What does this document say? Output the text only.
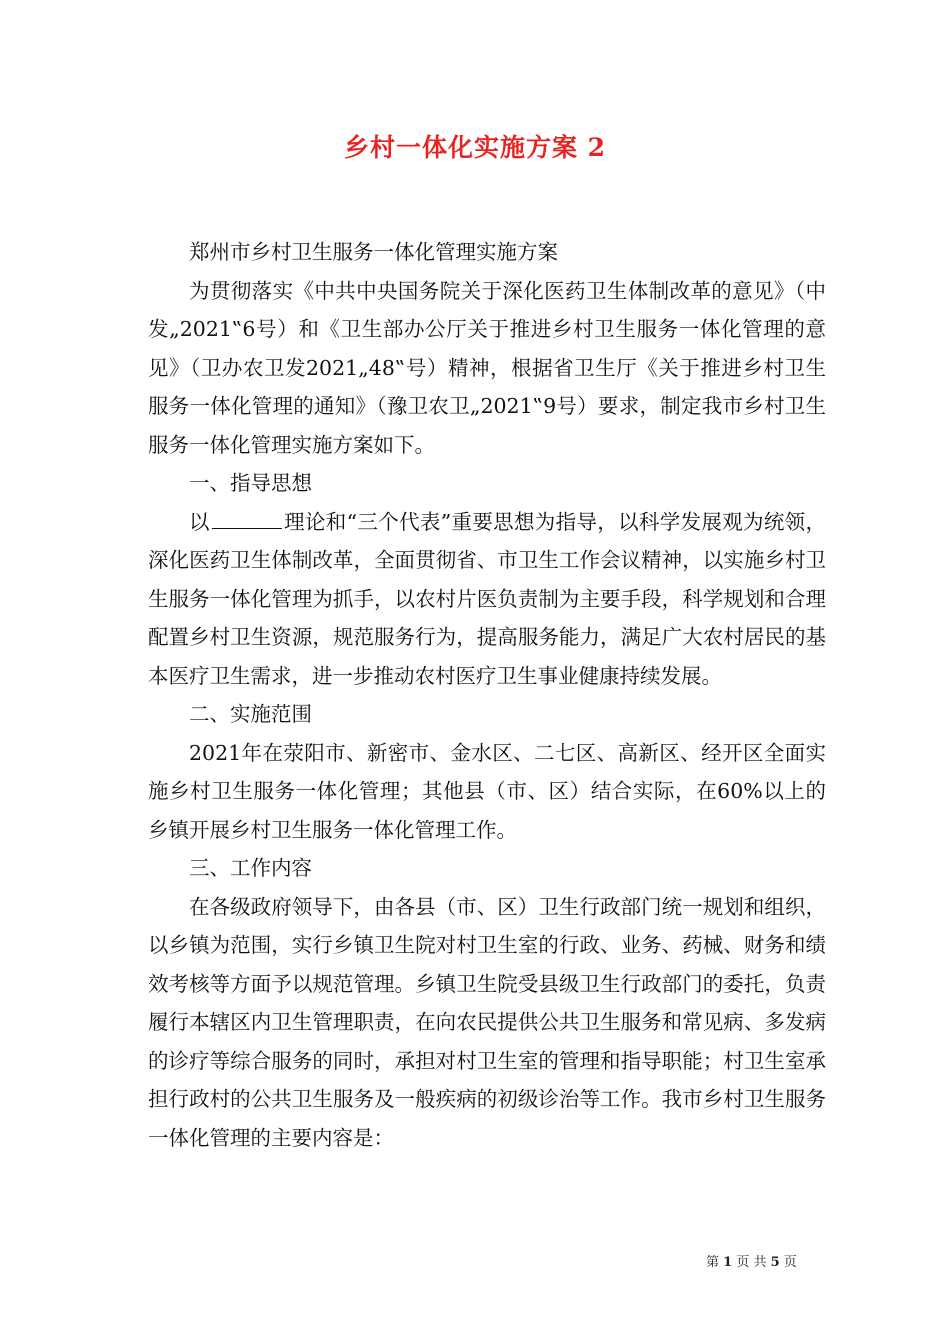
乡村一体化实施方案 2

郑州市乡村卫生服务一体化管理实施方案

为贯彻落实《中共中央国务院关于深化医药卫生体制改革的意见》（中发„2021‟6号）和《卫生部办公厅关于推进乡村卫生服务一体化管理的意见》（卫办农卫发2021„48‟号）精神，根据省卫生厅《关于推进乡村卫生服务一体化管理的通知》（豫卫农卫„2021‟9号）要求，制定我市乡村卫生服务一体化管理实施方案如下。

一、指导思想

以	理论和“三个代表”重要思想为指导，以科学发展观为统领，深化医药卫生体制改革，全面贯彻省、市卫生工作会议精神，以实施乡村卫生服务一体化管理为抓手，以农村片医负责制为主要手段，科学规划和合理配置乡村卫生资源，规范服务行为，提高服务能力，满足广大农村居民的基本医疗卫生需求，进一步推动农村医疗卫生事业健康持续发展。

二、实施范围

2021年在荥阳市、新密市、金水区、二七区、高新区、经开区全面实施乡村卫生服务一体化管理；其他县（市、区）结合实际，在60%以上的乡镇开展乡村卫生服务一体化管理工作。

三、工作内容

在各级政府领导下，由各县（市、区）卫生行政部门统一规划和组织，以乡镇为范围，实行乡镇卫生院对村卫生室的行政、业务、药械、财务和绩效考核等方面予以规范管理。乡镇卫生院受县级卫生行政部门的委托，负责履行本辖区内卫生管理职责，在向农民提供公共卫生服务和常见病、多发病的诊疗等综合服务的同时，承担对村卫生室的管理和指导职能；村卫生室承担行政村的公共卫生服务及一般疾病的初级诊治等工作。我市乡村卫生服务一体化管理的主要内容是：

第 1 页 共 5 页
